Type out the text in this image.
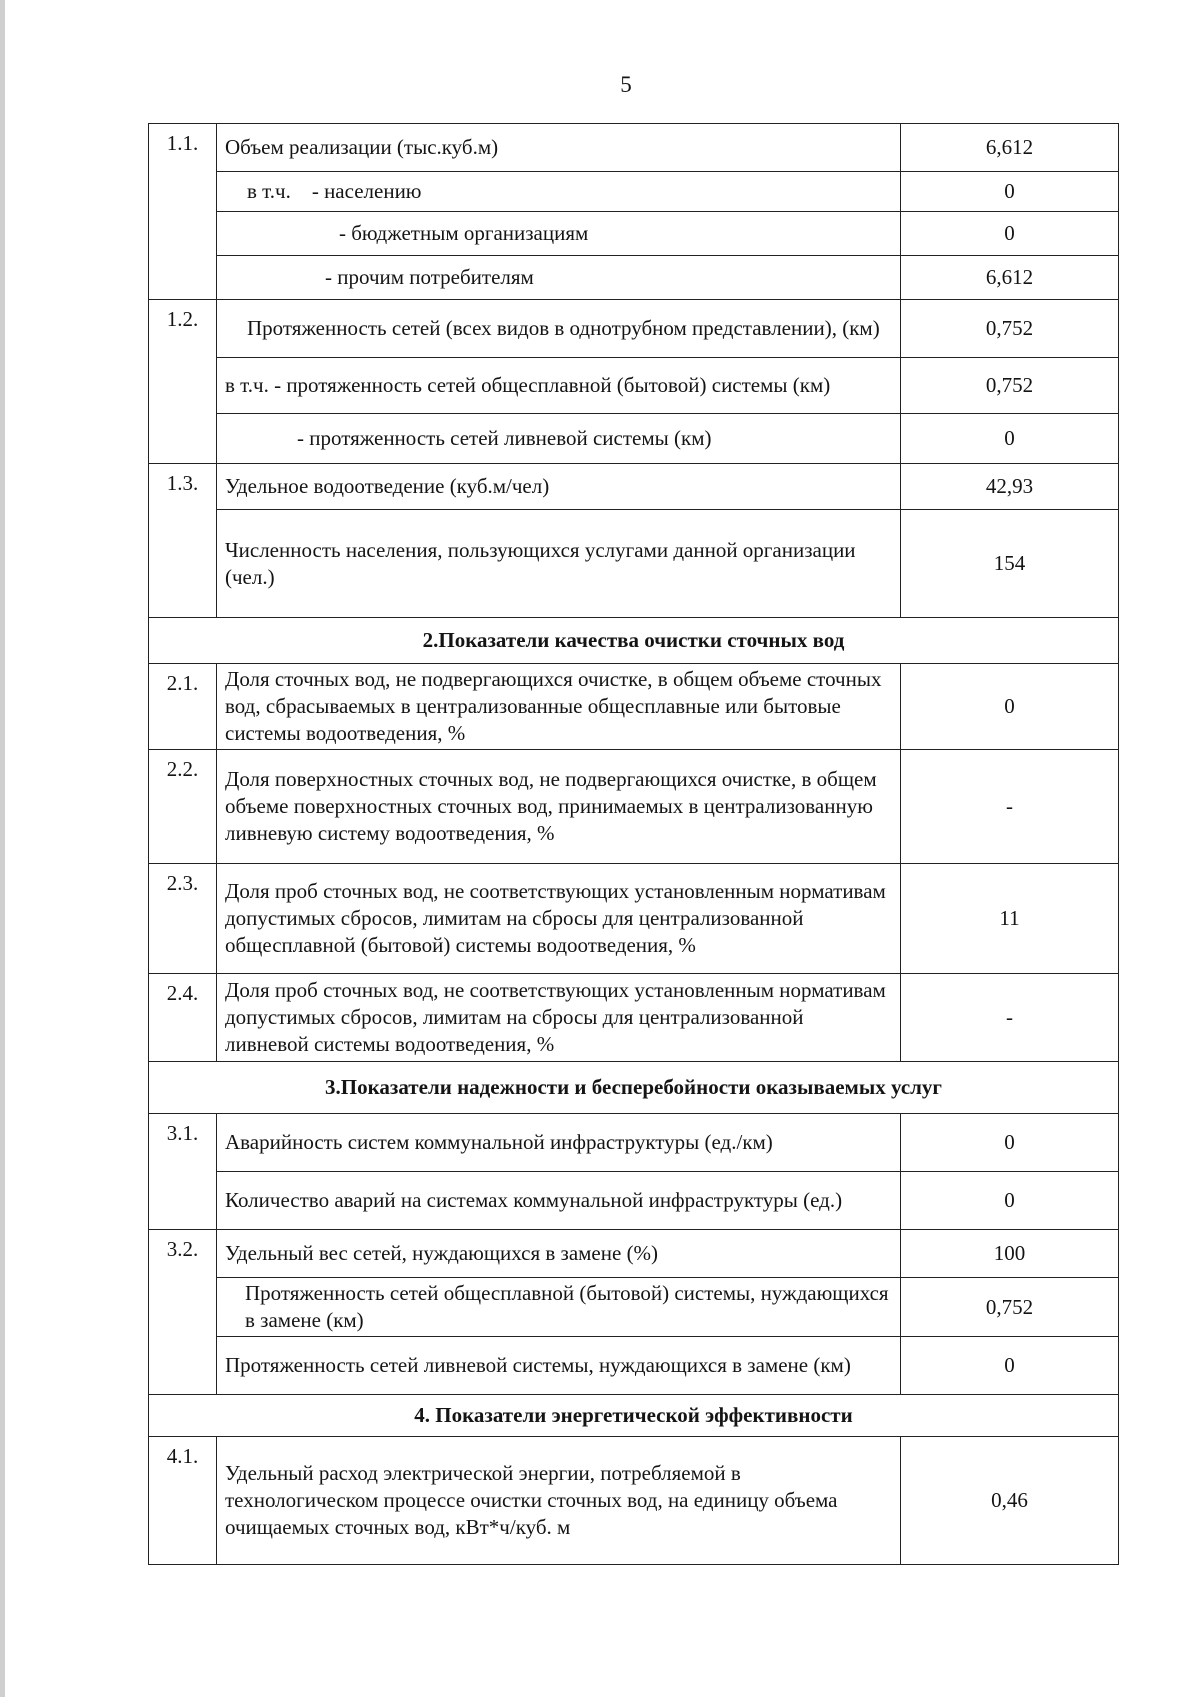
5
1.1.	Объем реализации (тыс.куб.м)	6,612
	в т.ч. - населению	0
	- бюджетным организациям	0
	- прочим потребителям	6,612
1.2.	Протяженность сетей (всех видов в однотрубном представлении), (км)	0,752
	в т.ч. - протяженность сетей общесплавной (бытовой) системы (км)	0,752
	- протяженность сетей ливневой системы (км)	0
1.3.	Удельное водоотведение (куб.м/чел)	42,93
	Численность населения, пользующихся услугами данной организации (чел.)	154
2.Показатели качества очистки сточных вод		
2.1.	Доля сточных вод, не подвергающихся очистке, в общем объеме сточных вод, сбрасываемых в централизованные общесплавные или бытовые системы водоотведения, %	0
2.2.	Доля поверхностных сточных вод, не подвергающихся очистке, в общем объеме поверхностных сточных вод, принимаемых в централизованную ливневую систему водоотведения, %	-
2.3.	Доля проб сточных вод, не соответствующих установленным нормативам допустимых сбросов, лимитам на сбросы для централизованной общесплавной (бытовой) системы водоотведения, %	11
2.4.	Доля проб сточных вод, не соответствующих установленным нормативам допустимых сбросов, лимитам на сбросы для централизованной ливневой системы водоотведения, %	-
3.Показатели надежности и бесперебойности оказываемых услуг		
3.1.	Аварийность систем коммунальной инфраструктуры (ед./км)	0
	Количество аварий на системах коммунальной инфраструктуры (ед.)	0
3.2.	Удельный вес сетей, нуждающихся в замене (%)	100
	Протяженность сетей общесплавной (бытовой) системы, нуждающихся в замене (км)	0,752
	Протяженность сетей ливневой системы, нуждающихся в замене (км)	0
4. Показатели энергетической эффективности		
4.1.	Удельный расход электрической энергии, потребляемой в технологическом процессе очистки сточных вод, на единицу объема очищаемых сточных вод, кВт*ч/куб. м	0,46
